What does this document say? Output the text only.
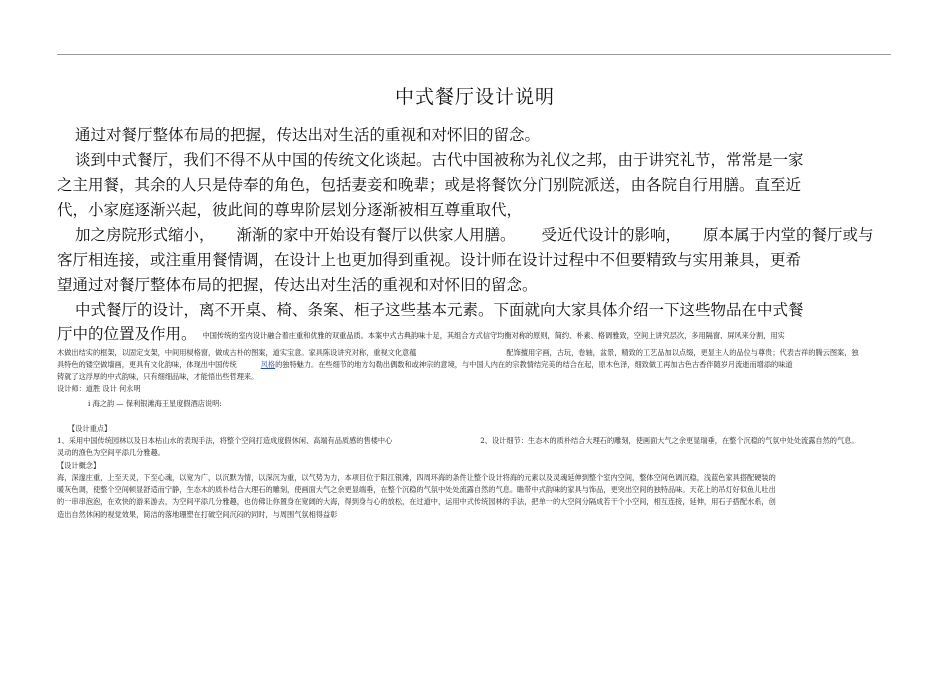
中式餐厅设计说明
通过对餐厅整体布局的把握，传达出对生活的重视和对怀旧的留念。
谈到中式餐厅，我们不得不从中国的传统文化谈起。古代中国被称为礼仪之邦，由于讲究礼节，常常是一家
之主用餐，其余的人只是侍奉的角色，包括妻妾和晚辈；或是将餐饮分门别院派送，由各院自行用膳。直至近
代，小家庭逐渐兴起，彼此间的尊卑阶层划分逐渐被相互尊重取代，
加之房院形式缩小， 渐渐的家中开始设有餐厅以供家人用膳。 受近代设计的影响， 原本属于内堂的餐厅或与
客厅相连接，或注重用餐情调，在设计上也更加得到重视。设计师在设计过程中不但要精致与实用兼具，更希
望通过对餐厅整体布局的把握，传达出对生活的重视和对怀旧的留念。
中式餐厅的设计，离不开桌、椅、条案、柜子这些基本元素。下面就向大家具体介绍一下这些物品在中式餐
厅中的位置及作用。 中国传统的室内设计融合着庄重和优雅的双重品质。本案中式古典韵味十足，其组合方式信守均衡对称的原则，简约、朴素、格调雅致，空间上讲究层次，多用隔窗、屏风来分割，用实
木做出结实的框架，以固定支架，中间用棂格窗，做成古朴的图案，道实宝意。家具陈设讲究对称，重视文化意蕴	配饰擅用字画，古玩，卷轴，盆景，精致的工艺品加以点缀，更显主人的品位与尊贵；代表吉祥的腾云图案，独
具特色的镂空做墙画，更具有文化韵味，体现出中国传统	风格的独特魅力。在些细节的地方勾勒出偶数和或神宗的意境，与中国人内在的宗教情结完美的结合在起，原木色泽，细致做工再加古色古香伴随岁月流逝而增添的味道
铸就了这浮厚的中式韵味，只有细细品味，才能悟出些哲理来。
设计师：道胜 设计 何永明
i 海之韵 — 保利银滩海王星度假酒店说明:
【设计重点】
1、采用中国传统园林以及日本枯山水的表现手法，将整个空间打造成度假休闲、高端有品质感的售楼中心	2、设计细节：生态木的质朴结合大理石的雕刻，使画面大气之余更显瑞垂，在整个沉稳的气氛中处处流露自然的气息。
灵动的渔色为空间平添几分雅趣。
【设计概念】
海，深邃庄重，上至天灵，下至心魂，以宽为广，以沉默为情，以深沉为重，以气势为力，本项目位于阳江银滩，四周环海的条件让整个设计将海的元素以及灵魂延伸到整个室内空间，整体空间色调沉稳，浅蓝色家具搭配硬装的
暖灰色调，使整个空间顿显舒适而宁静，生态木的质朴结合大理石的雕刻，使画面大气之余更显端垂，在整个沉稳的气氛中处处流露自然的气息。瞻带中式韵味的家具与饰品，更突出空间的独特品味。天花上的吊灯好似鱼儿吐出
的一串串泡泡，在欢快的游来游去，为空间平添几分雅趣，也仿佛让你置身在宽阔的大海，得到身与心的放松，在过道中，运用中式传统园林的手法，把单一的大空间分隔成若干个小空间，相互连接，延伸，用石子搭配水系，创
造出自然休闲的视觉效果，简洁的落地珊塑在打破空间沉闷的同时，与周围气氛相得益彰
